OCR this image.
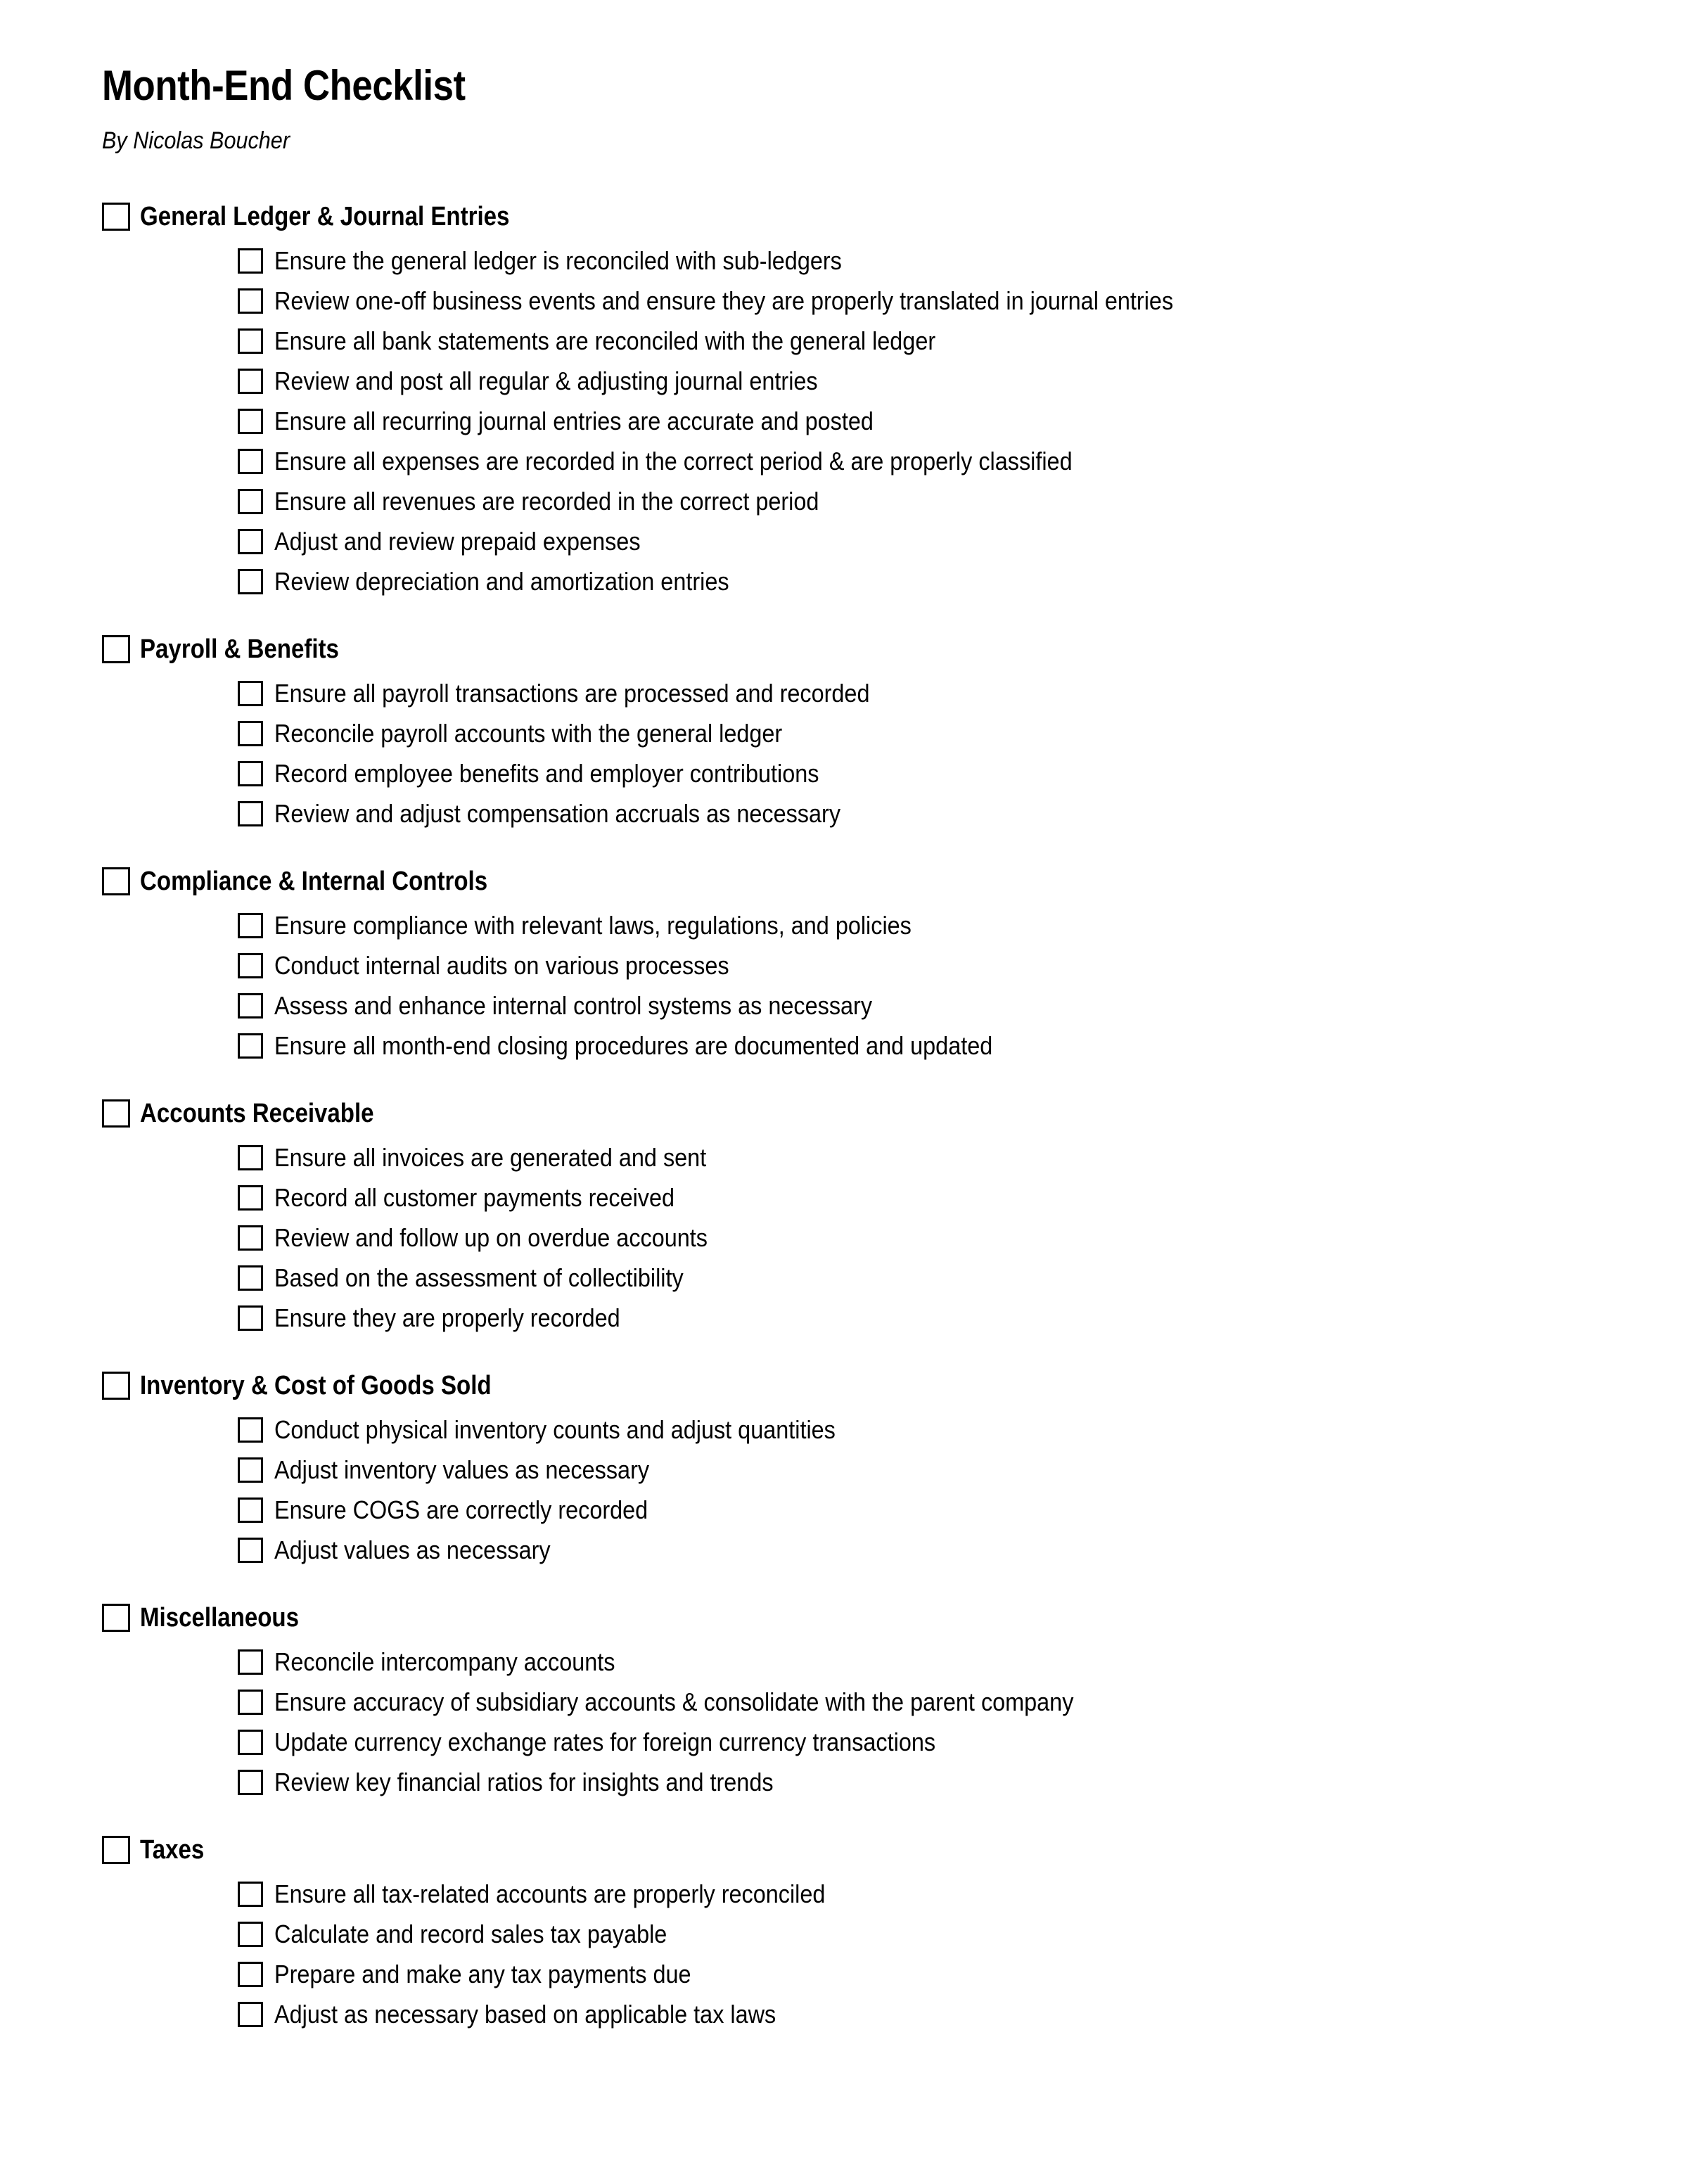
Month-End Checklist

By Nicolas Boucher

General Ledger & Journal Entries
Ensure the general ledger is reconciled with sub-ledgers
Review one-off business events and ensure they are properly translated in journal entries
Ensure all bank statements are reconciled with the general ledger
Review and post all regular & adjusting journal entries
Ensure all recurring journal entries are accurate and posted
Ensure all expenses are recorded in the correct period & are properly classified
Ensure all revenues are recorded in the correct period
Adjust and review prepaid expenses
Review depreciation and amortization entries
Payroll & Benefits
Ensure all payroll transactions are processed and recorded
Reconcile payroll accounts with the general ledger
Record employee benefits and employer contributions
Review and adjust compensation accruals as necessary
Compliance & Internal Controls
Ensure compliance with relevant laws, regulations, and policies
Conduct internal audits on various processes
Assess and enhance internal control systems as necessary
Ensure all month-end closing procedures are documented and updated
Accounts Receivable
Ensure all invoices are generated and sent
Record all customer payments received
Review and follow up on overdue accounts
Based on the assessment of collectibility
Ensure they are properly recorded
Inventory & Cost of Goods Sold
Conduct physical inventory counts and adjust quantities
Adjust inventory values as necessary
Ensure COGS are correctly recorded
Adjust values as necessary
Miscellaneous
Reconcile intercompany accounts
Ensure accuracy of subsidiary accounts & consolidate with the parent company
Update currency exchange rates for foreign currency transactions
Review key financial ratios for insights and trends
Taxes
Ensure all tax-related accounts are properly reconciled
Calculate and record sales tax payable
Prepare and make any tax payments due
Adjust as necessary based on applicable tax laws
